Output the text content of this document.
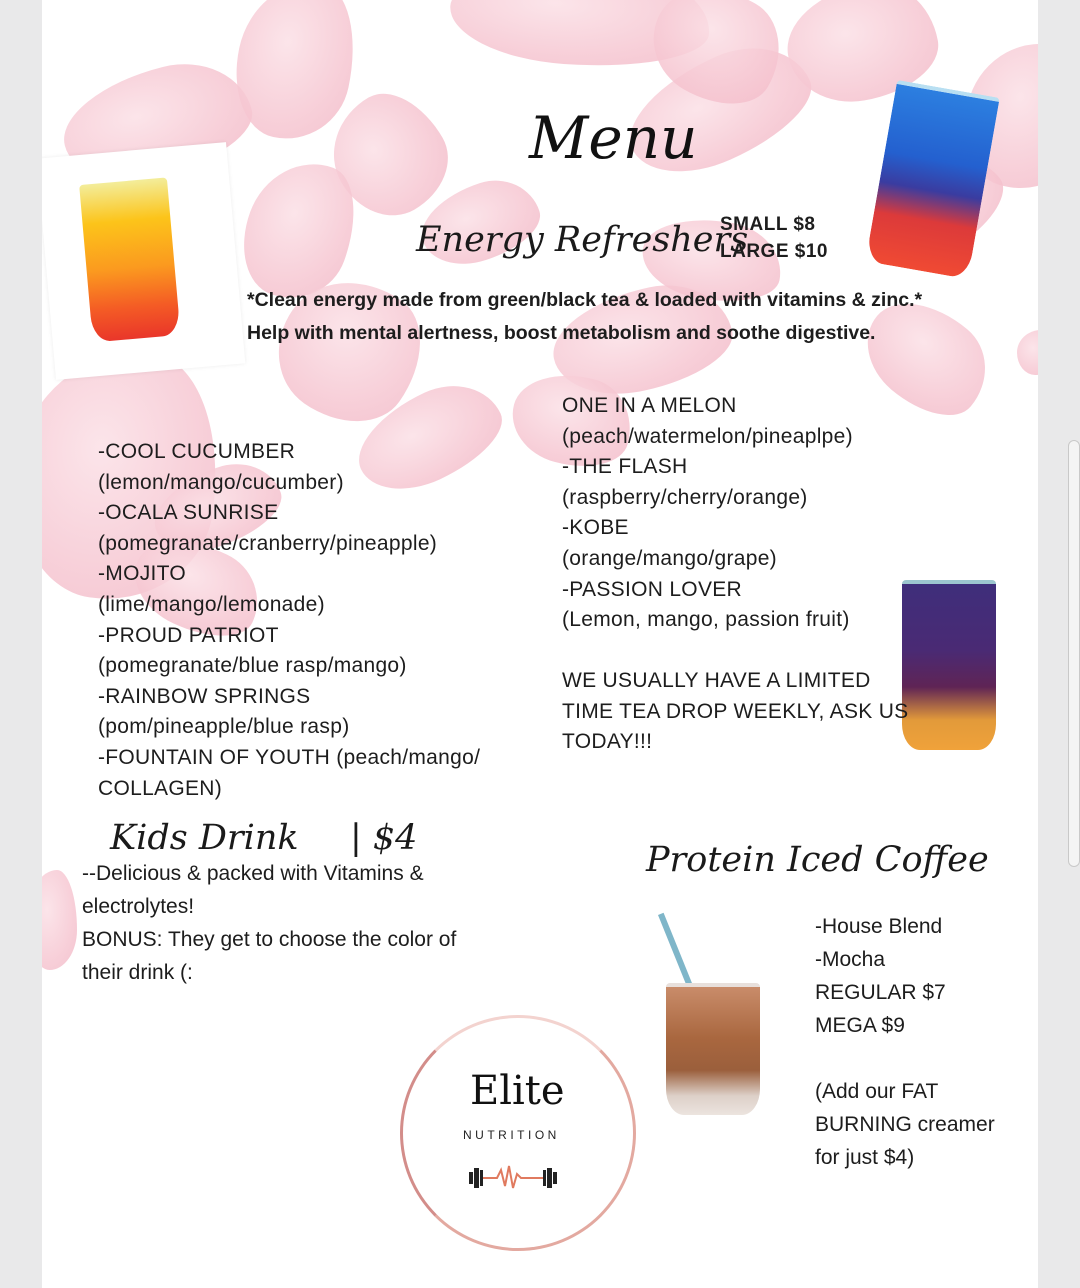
Menu
Energy Refreshers
SMALL $8
LARGE $10
*Clean energy made from green/black tea & loaded with vitamins & zinc.* Help with mental alertness, boost metabolism and soothe digestive.
-COOL CUCUMBER
(lemon/mango/cucumber)
-OCALA SUNRISE
(pomegranate/cranberry/pineapple)
-MOJITO
(lime/mango/lemonade)
-PROUD PATRIOT
(pomegranate/blue rasp/mango)
-RAINBOW SPRINGS
(pom/pineapple/blue rasp)
-FOUNTAIN OF YOUTH (peach/mango/
COLLAGEN)
ONE IN A MELON
(peach/watermelon/pineaplpe)
-THE FLASH
(raspberry/cherry/orange)
-KOBE
(orange/mango/grape)
-PASSION LOVER
(Lemon, mango, passion fruit)
WE USUALLY HAVE A LIMITED
TIME TEA DROP WEEKLY, ASK US
TODAY!!!
Kids Drink | $4
--Delicious & packed with Vitamins &
electrolytes!
BONUS: They get to choose the color of
their drink (:
Protein Iced Coffee
-House Blend
-Mocha
REGULAR $7
MEGA $9

(Add our FAT
BURNING creamer
for just $4)
Elite
NUTRITION
